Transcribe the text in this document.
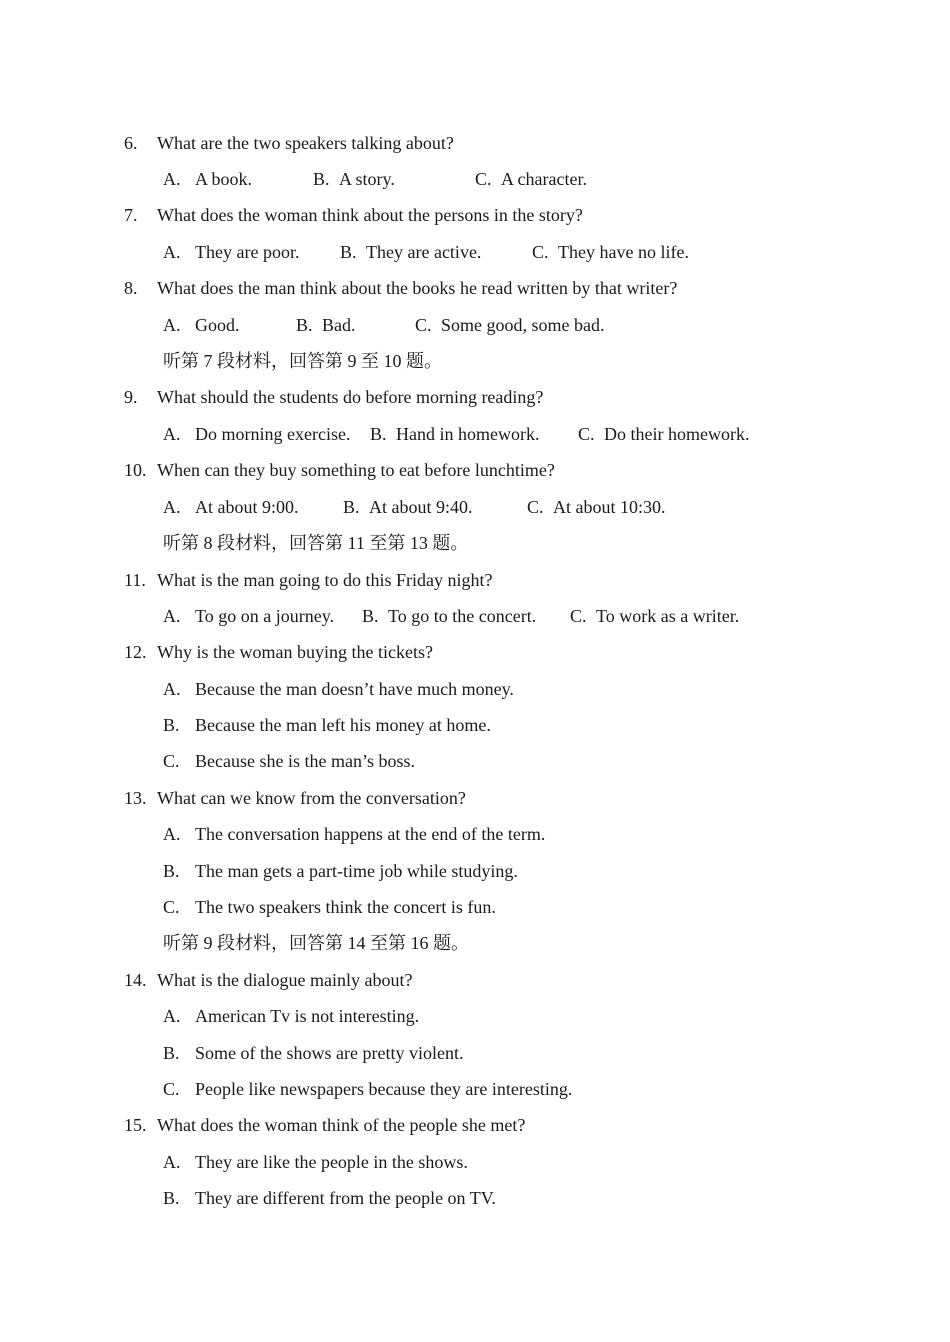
6. What are the two speakers talking about?
A. A book.	B. A story.	C. A character.
7. What does the woman think about the persons in the story?
A. They are poor. B. They are active.	C. They have no life.
8. What does the man think about the books he read written by that writer?
A. Good.	B. Bad.	C. Some good, some bad.
听第 7 段材料，回答第 9 至 10 题。
9. What should the students do before morning reading?
A. Do morning exercise. B. Hand in homework. C. Do their homework.
10. When can they buy something to eat before lunchtime?
A. At about 9:00. B. At about 9:40.	C. At about 10:30.
听第 8 段材料，回答第 11 至第 13 题。
11. What is the man going to do this Friday night?
A. To go on a journey. B. To go to the concert. C. To work as a writer.
12. Why is the woman buying the tickets?
A. Because the man doesn’t have much money.
B. Because the man left his money at home.
C. Because she is the man’s boss.
13. What can we know from the conversation?
A. The conversation happens at the end of the term.
B. The man gets a part-time job while studying.
C. The two speakers think the concert is fun.
听第 9 段材料，回答第 14 至第 16 题。
14. What is the dialogue mainly about?
A. American Tv is not interesting.
B. Some of the shows are pretty violent.
C. People like newspapers because they are interesting.
15. What does the woman think of the people she met?
A. They are like the people in the shows.
B. They are different from the people on TV.
